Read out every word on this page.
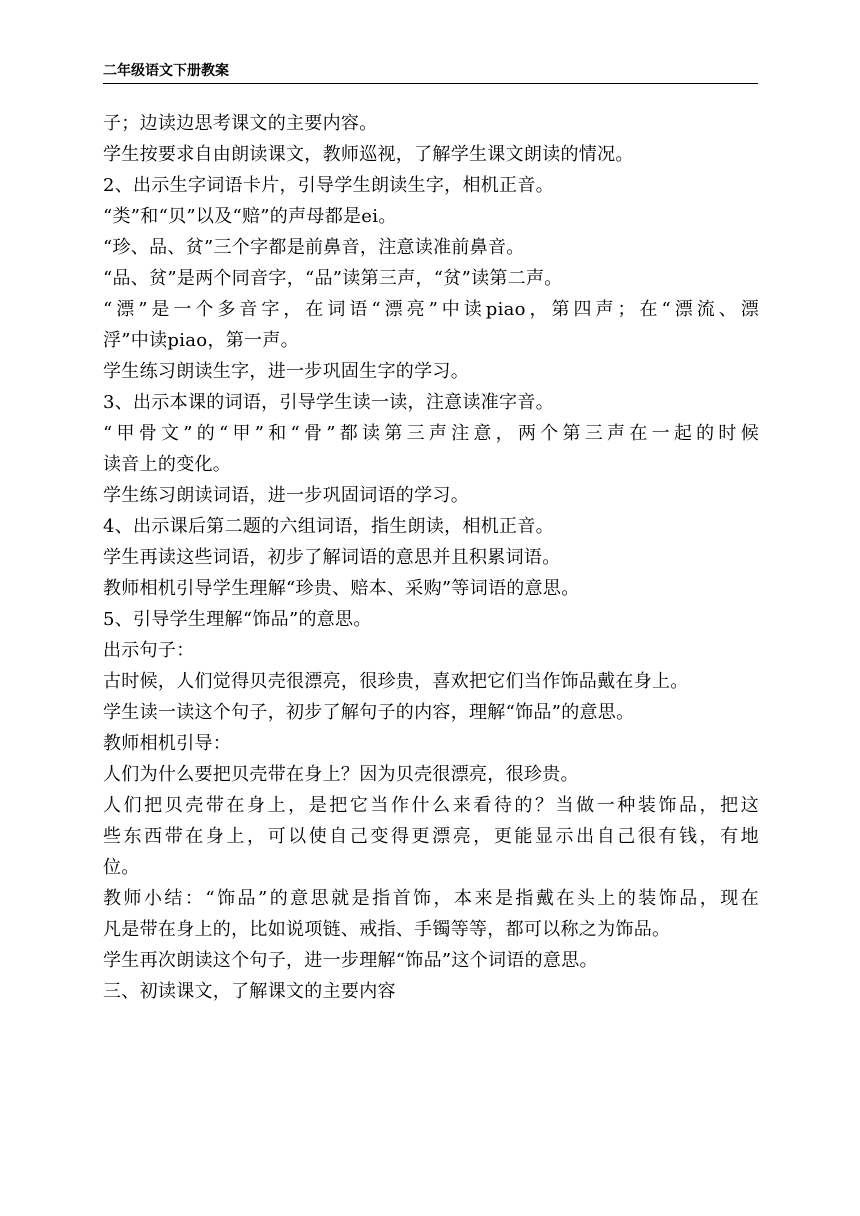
二年级语文下册教案
子；边读边思考课文的主要内容。
学生按要求自由朗读课文，教师巡视，了解学生课文朗读的情况。
2、出示生字词语卡片，引导学生朗读生字，相机正音。
“类”和“贝”以及“赔”的声母都是ei。
“珍、品、贫”三个字都是前鼻音，注意读准前鼻音。
“品、贫”是两个同音字，“品”读第三声，“贫”读第二声。
“漂”是一个多音字，在词语“漂亮”中读piao，第四声；在“漂流、漂
浮”中读piao，第一声。
学生练习朗读生字，进一步巩固生字的学习。
3、出示本课的词语，引导学生读一读，注意读准字音。
“甲骨文”的“甲”和“骨”都读第三声注意，两个第三声在一起的时候
读音上的变化。
学生练习朗读词语，进一步巩固词语的学习。
4、出示课后第二题的六组词语，指生朗读，相机正音。
学生再读这些词语，初步了解词语的意思并且积累词语。
教师相机引导学生理解“珍贵、赔本、采购”等词语的意思。
5、引导学生理解“饰品”的意思。
出示句子：
古时候，人们觉得贝壳很漂亮，很珍贵，喜欢把它们当作饰品戴在身上。
学生读一读这个句子，初步了解句子的内容，理解“饰品”的意思。
教师相机引导：
人们为什么要把贝壳带在身上？因为贝壳很漂亮，很珍贵。
人们把贝壳带在身上，是把它当作什么来看待的？当做一种装饰品，把这
些东西带在身上，可以使自己变得更漂亮，更能显示出自己很有钱，有地
位。
教师小结：“饰品”的意思就是指首饰，本来是指戴在头上的装饰品，现在
凡是带在身上的，比如说项链、戒指、手镯等等，都可以称之为饰品。
学生再次朗读这个句子，进一步理解“饰品”这个词语的意思。
三、初读课文，了解课文的主要内容
